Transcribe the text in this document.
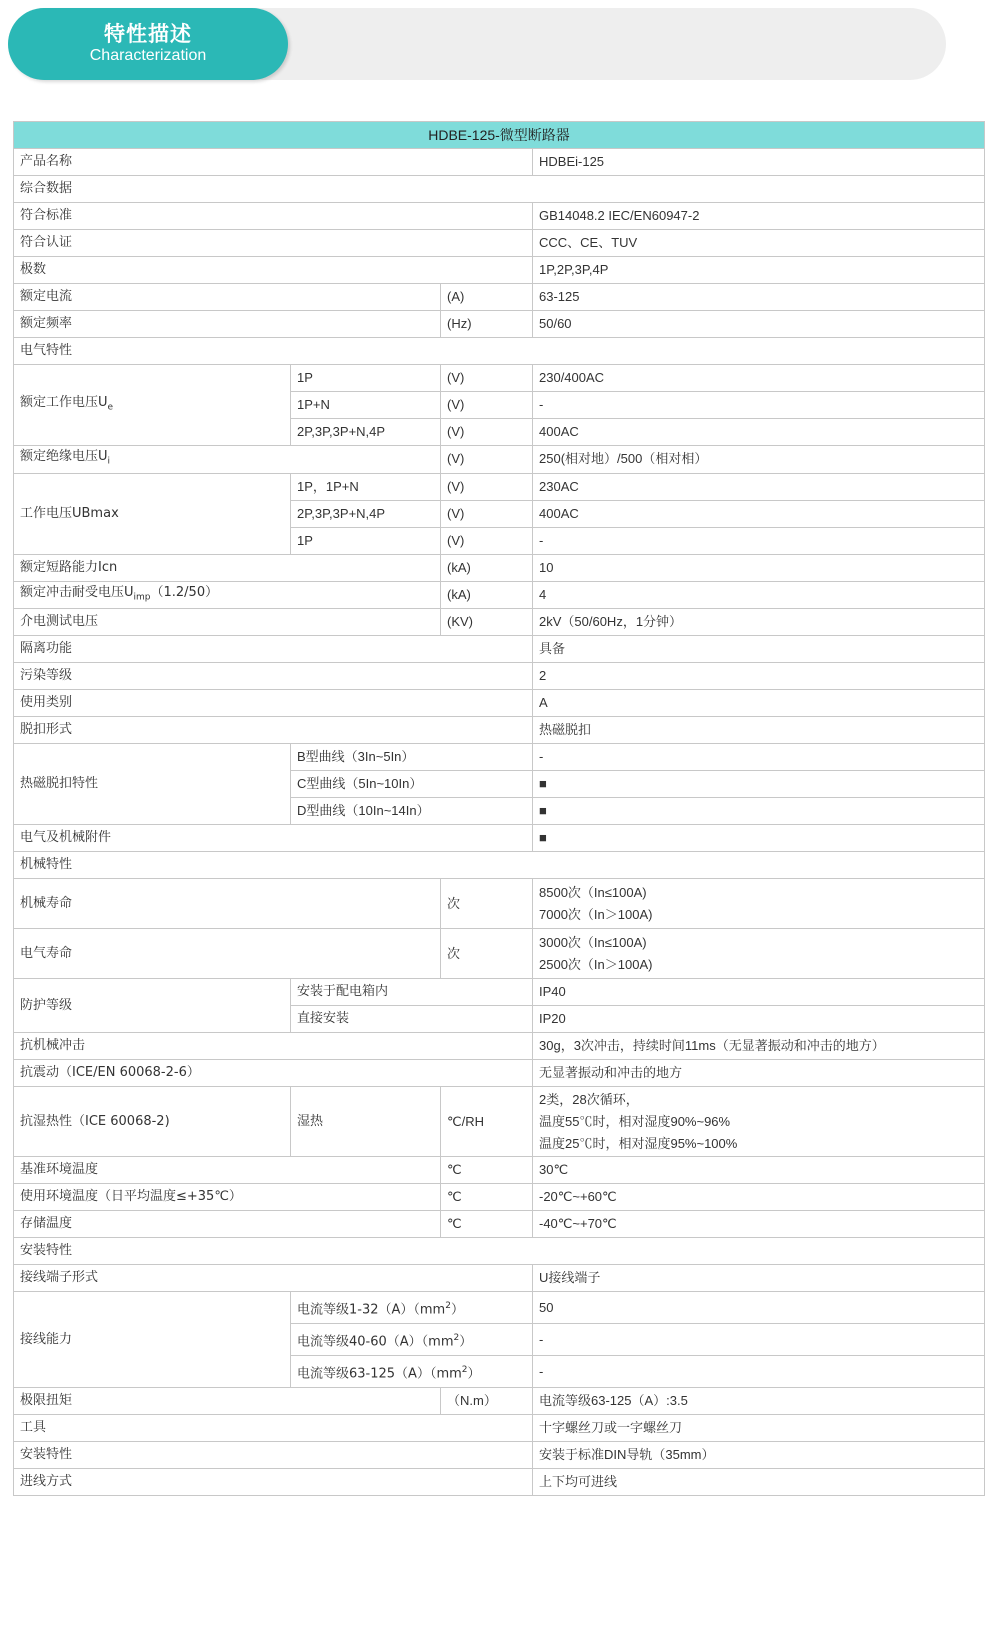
特性描述
Characterization
HDBE-125-微型断路器			
产品名称			HDBEi-125
综合数据			
符合标准			GB14048.2 IEC/EN60947-2
符合认证			CCC、CE、TUV
极数			1P,2P,3P,4P
额定电流		(A)	63-125
额定频率		(Hz)	50/60
电气特性			
额定工作电压$U_e$	1P	(V)	230/400AC
	1P+N	(V)	-
	2P,3P,3P+N,4P	(V)	400AC
额定绝缘电压$U_i$		(V)	250(相对地）/500（相对相）
工作电压UBmax	1P，1P+N	(V)	230AC
	2P,3P,3P+N,4P	(V)	400AC
	1P	(V)	-
额定短路能力Icn		(kA)	10
额定冲击耐受电压$U_{imp}(1.2/50)$		(kA)	4
介电测试电压		(KV)	2kV（50/60Hz，1分钟）
隔离功能			具备
污染等级			2
使用类别			A
脱扣形式			热磁脱扣
热磁脱扣特性	B型曲线（3In~5In）		-
	C型曲线（5In~10In）		■
	D型曲线（10In~14In）		■
电气及机械附件			■
机械特性			
机械寿命		次	8500次（In≤100A)
7000次（In＞100A)

电气寿命		次	3000次（In≤100A)
2500次（In＞100A)

防护等级	安装于配电箱内		IP40
	直接安装		IP20
抗机械冲击			30g，3次冲击，持续时间11ms（无显著振动和冲击的地方）
抗震动（ICE/EN 60068-2-6）			无显著振动和冲击的地方
抗湿热性（ICE 60068-2)	湿热	℃/RH	2类，28次循环，
温度55℃时，相对湿度90%~96%
温度25℃时，相对湿度95%~100%

基准环境温度		℃	30℃
使用环境温度（日平均温度≤+35℃）		℃	-20℃~+60℃
存储温度		℃	-40℃~+70℃
安装特性			
接线端子形式			U接线端子
接线能力	电流等级$1-32(A)(mm^2)$		50
	电流等级$40-60(A)(mm^2)$		-
	电流等级$63-125(A)(mm^2)$		-
极限扭矩		（N.m）	电流等级63-125（A）:3.5
工具			十字螺丝刀或一字螺丝刀
安装特性			安装于标准DIN导轨（35mm）
进线方式			上下均可进线
